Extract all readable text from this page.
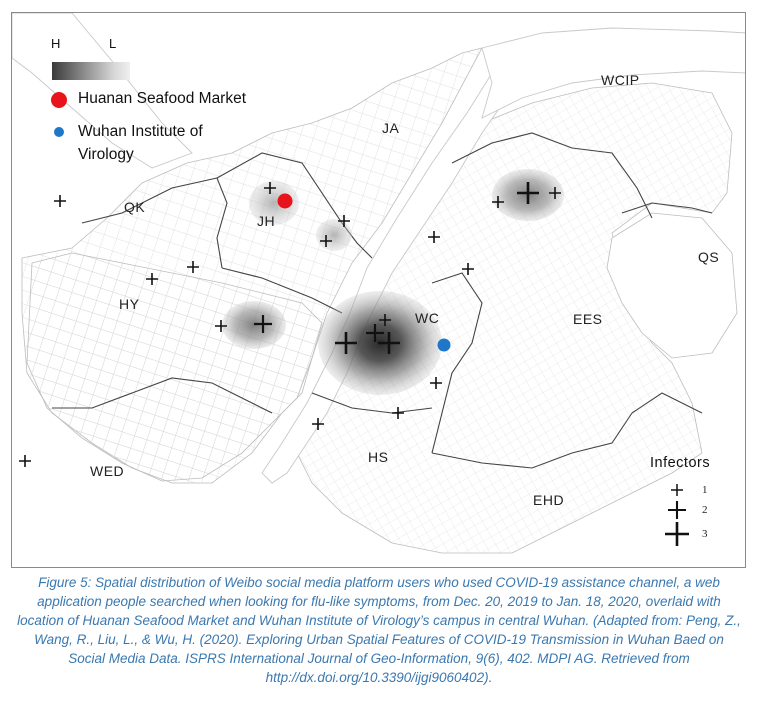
JA
WCIP
QK
JH
QS
HY
WC	EES
HS
WED
EHD
H	L
Huanan Seafood Market
Wuhan Institute of Virology
Infectors
1
2
3
Figure 5: Spatial distribution of Weibo social media platform users who used COVID-19 assistance channel, a web application people searched when looking for flu-like symptoms, from Dec. 20, 2019 to Jan. 18, 2020, overlaid with location of Huanan Seafood Market and Wuhan Institute of Virology’s campus in central Wuhan. (Adapted from: Peng, Z., Wang, R., Liu, L., & Wu, H. (2020). Exploring Urban Spatial Features of COVID-19 Transmission in Wuhan Baed on Social Media Data. ISPRS International Journal of Geo-Information, 9(6), 402. MDPI AG. Retrieved from http://dx.doi.org/10.3390/ijgi9060402).
